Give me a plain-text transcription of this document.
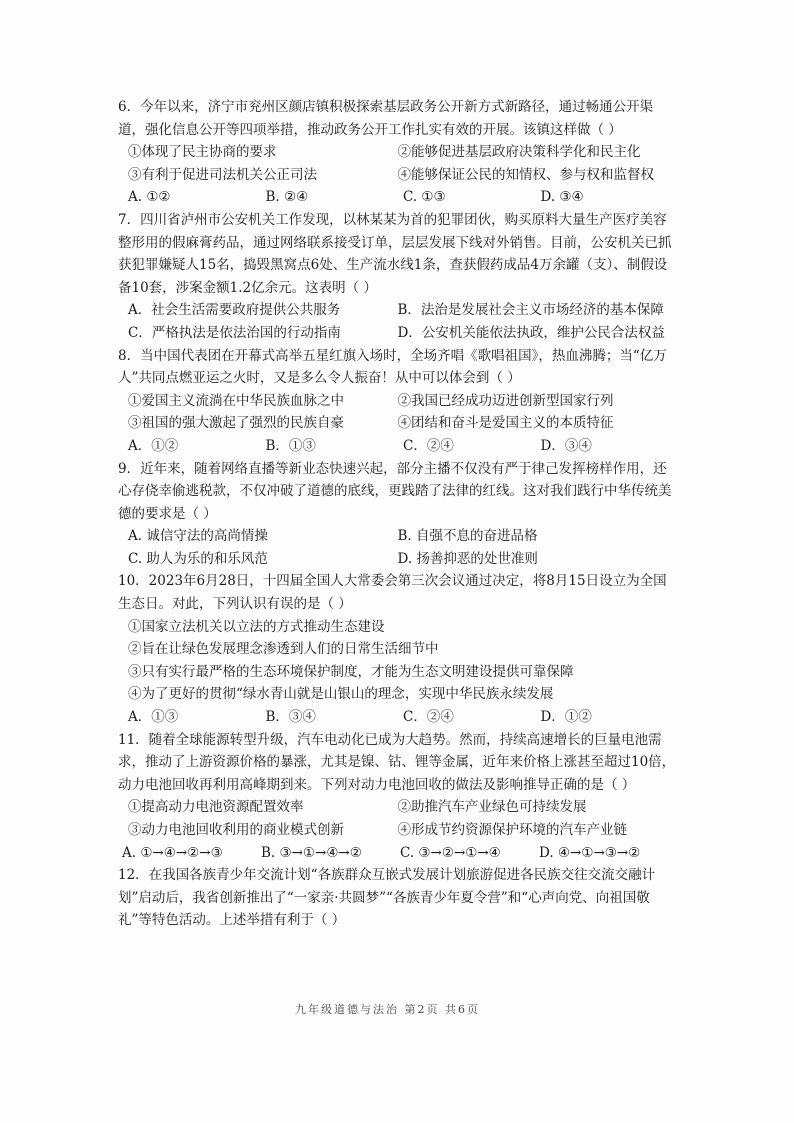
6．今年以来，济宁市兖州区颜店镇积极探索基层政务公开新方式新路径，通过畅通公开渠道，强化信息公开等四项举措，推动政务公开工作扎实有效的开展。该镇这样做（ ）
①体现了民主协商的要求	②能够促进基层政府决策科学化和民主化
③有利于促进司法机关公正司法	④能够保证公民的知情权、参与权和监督权
A. ①②	B. ②④	C. ①③	D. ③④
7．四川省泸州市公安机关工作发现，以林某某为首的犯罪团伙，购买原料大量生产医疗美容整形用的假麻膏药品，通过网络联系接受订单，层层发展下线对外销售。目前，公安机关已抓获犯罪嫌疑人15名，捣毁黑窝点6处、生产流水线1条，查获假药成品4万余罐（支）、制假设备10套，涉案金额1.2亿余元。这表明（ ）
A．社会生活需要政府提供公共服务	B．法治是发展社会主义市场经济的基本保障
C．严格执法是依法治国的行动指南	D．公安机关能依法执政，维护公民合法权益
8．当中国代表团在开幕式高举五星红旗入场时，全场齐唱《歌唱祖国》，热血沸腾；当“亿万人”共同点燃亚运之火时，又是多么令人振奋！从中可以体会到（ ）
①爱国主义流淌在中华民族血脉之中	②我国已经成功迈进创新型国家行列
③祖国的强大激起了强烈的民族自豪	④团结和奋斗是爱国主义的本质特征
A．①②	B．①③	C．②④	D．③④
9．近年来，随着网络直播等新业态快速兴起，部分主播不仅没有严于律己发挥榜样作用，还心存侥幸偷逃税款，不仅冲破了道德的底线，更践踏了法律的红线。这对我们践行中华传统美德的要求是（ ）
A. 诚信守法的高尚情操	B. 自强不息的奋进品格
C. 助人为乐的和乐风范	D. 扬善抑恶的处世准则
10．2023年6月28日，十四届全国人大常委会第三次会议通过决定，将8月15日设立为全国生态日。对此，下列认识有误的是（ ）
①国家立法机关以立法的方式推动生态建设
②旨在让绿色发展理念渗透到人们的日常生活细节中
③只有实行最严格的生态环境保护制度，才能为生态文明建设提供可靠保障
④为了更好的贯彻“绿水青山就是山银山的理念，实现中华民族永续发展
A．①③	B．③④	C．②④	D．①②
11．随着全球能源转型升级，汽车电动化已成为大趋势。然而，持续高速增长的巨量电池需求，推动了上游资源价格的暴涨，尤其是镍、钴、锂等金属，近年来价格上涨甚至超过10倍，动力电池回收再利用高峰期到来。下列对动力电池回收的做法及影响推导正确的是（ ）
①提高动力电池资源配置效率	②助推汽车产业绿色可持续发展
③动力电池回收利用的商业模式创新	④形成节约资源保护环境的汽车产业链
A. ①→④→②→③	B. ③→①→④→②	C. ③→②→①→④	D. ④→①→③→②
12．在我国各族青少年交流计划“各族群众互嵌式发展计划旅游促进各民族交往交流交融计划”启动后，我省创新推出了“一家亲·共圆梦”“各族青少年夏令营”和“心声向党、向祖国敬礼”等特色活动。上述举措有利于（ ）
九年级道德与法治 第2页 共6页
